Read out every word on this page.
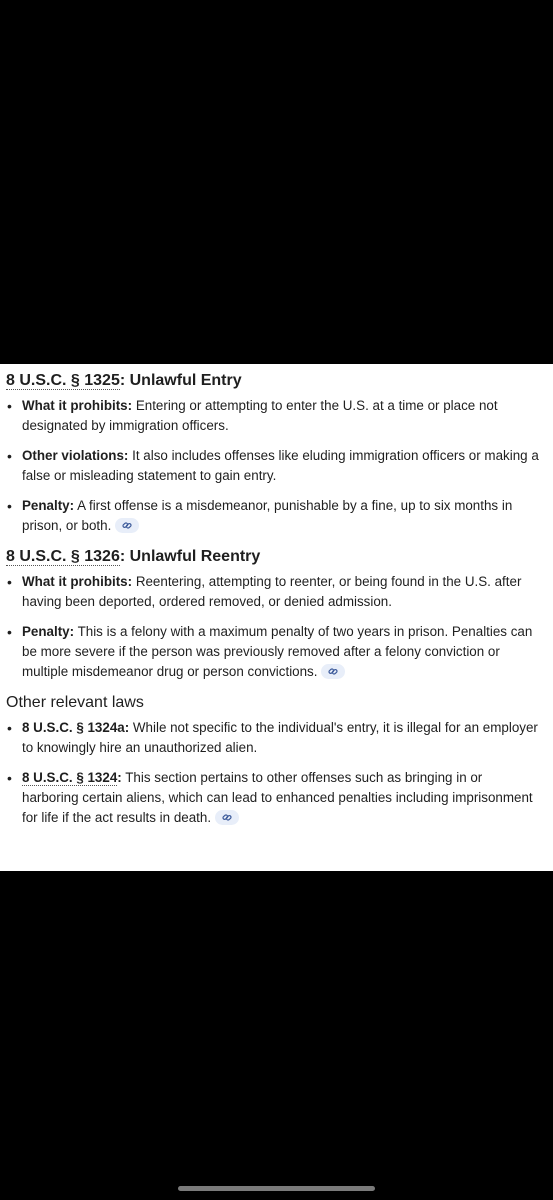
8 U.S.C. § 1325: Unlawful Entry
• What it prohibits: Entering or attempting to enter the U.S. at a time or place not designated by immigration officers.
• Other violations: It also includes offenses like eluding immigration officers or making a false or misleading statement to gain entry.
• Penalty: A first offense is a misdemeanor, punishable by a fine, up to six months in prison, or both.
8 U.S.C. § 1326: Unlawful Reentry
• What it prohibits: Reentering, attempting to reenter, or being found in the U.S. after having been deported, ordered removed, or denied admission.
• Penalty: This is a felony with a maximum penalty of two years in prison. Penalties can be more severe if the person was previously removed after a felony conviction or multiple misdemeanor drug or person convictions.
Other relevant laws
• 8 U.S.C. § 1324a: While not specific to the individual's entry, it is illegal for an employer to knowingly hire an unauthorized alien.
• 8 U.S.C. § 1324: This section pertains to other offenses such as bringing in or harboring certain aliens, which can lead to enhanced penalties including imprisonment for life if the act results in death.
